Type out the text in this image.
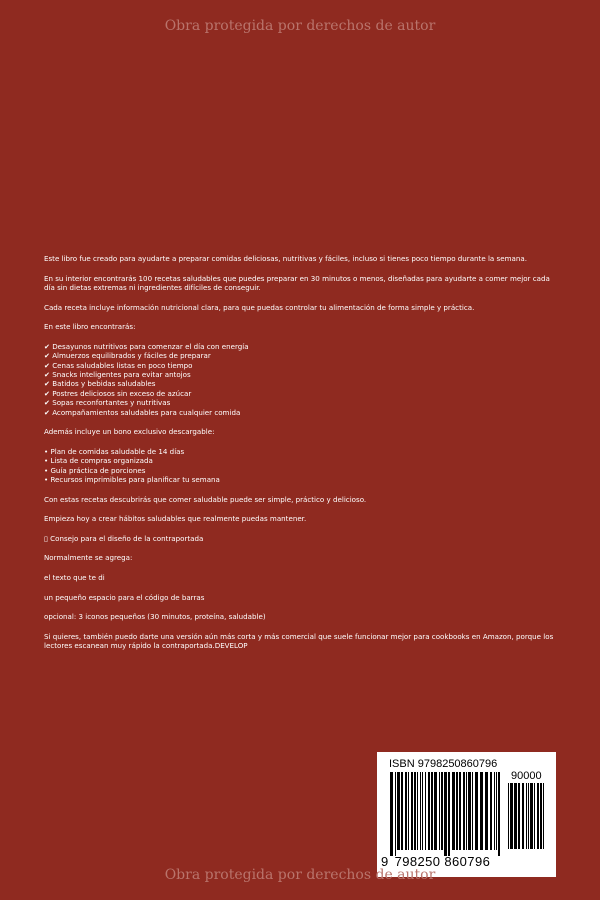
Obra protegida por derechos de autor

Este libro fue creado para ayudarte a preparar comidas deliciosas, nutritivas y fáciles, incluso si tienes poco tiempo durante la semana.

En su interior encontrarás 100 recetas saludables que puedes preparar en 30 minutos o menos, diseñadas para ayudarte a comer mejor cada día sin dietas extremas ni ingredientes difíciles de conseguir.

Cada receta incluye información nutricional clara, para que puedas controlar tu alimentación de forma simple y práctica.

En este libro encontrarás:

✔ Desayunos nutritivos para comenzar el día con energía
✔ Almuerzos equilibrados y fáciles de preparar
✔ Cenas saludables listas en poco tiempo
✔ Snacks inteligentes para evitar antojos
✔ Batidos y bebidas saludables
✔ Postres deliciosos sin exceso de azúcar
✔ Sopas reconfortantes y nutritivas
✔ Acompañamientos saludables para cualquier comida

Además incluye un bono exclusivo descargable:

• Plan de comidas saludable de 14 días
• Lista de compras organizada
• Guía práctica de porciones
• Recursos imprimibles para planificar tu semana

Con estas recetas descubrirás que comer saludable puede ser simple, práctico y delicioso.

Empieza hoy a crear hábitos saludables que realmente puedas mantener.

▯ Consejo para el diseño de la contraportada

Normalmente se agrega:

el texto que te di

un pequeño espacio para el código de barras

opcional: 3 iconos pequeños (30 minutos, proteína, saludable)

Si quieres, también puedo darte una versión aún más corta y más comercial que suele funcionar mejor para cookbooks en Amazon, porque los lectores escanean muy rápido la contraportada.DEVELOP

ISBN 9798250860796
90000
9 798250 860796
Obra protegida por derechos de autor
